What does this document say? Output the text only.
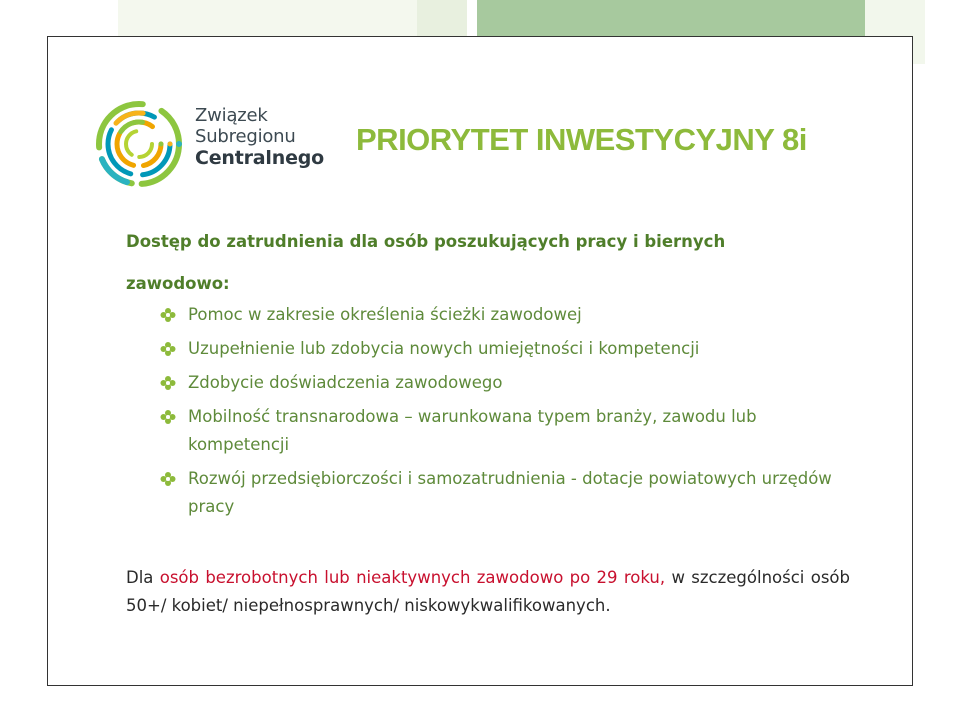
Związek
Subregionu
Centralnego
PRIORYTET INWESTYCYJNY 8i

Dostęp do zatrudnienia dla osób poszukujących pracy i biernych zawodowo:

Pomoc w zakresie określenia ścieżki zawodowej
Uzupełnienie lub zdobycia nowych umiejętności i kompetencji
Zdobycie doświadczenia zawodowego
Mobilność transnarodowa – warunkowana typem branży, zawodu lub kompetencji
Rozwój przedsiębiorczości i samozatrudnienia - dotacje powiatowych urzędów pracy

Dla osób bezrobotnych lub nieaktywnych zawodowo po 29 roku, w szczególności osób 50+/ kobiet/ niepełnosprawnych/ niskowykwalifikowanych.
